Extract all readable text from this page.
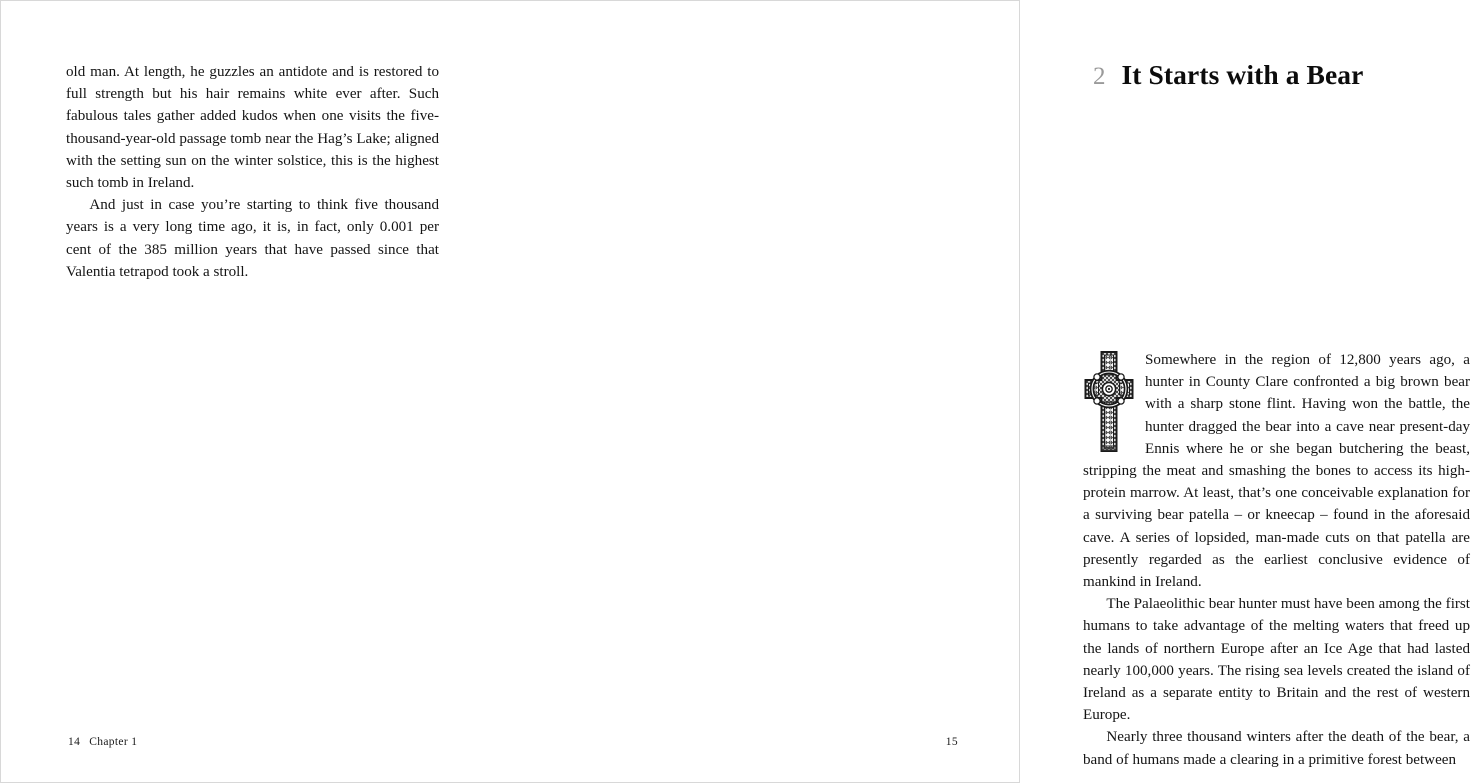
old man. At length, he guzzles an antidote and is restored to full strength but his hair remains white ever after. Such fabulous tales gather added kudos when one visits the five-thousand-year-old passage tomb near the Hag’s Lake; aligned with the setting sun on the winter solstice, this is the highest such tomb in Ireland.

And just in case you’re starting to think five thousand years is a very long time ago, it is, in fact, only 0.001 per cent of the 385 million years that have passed since that Valentia tetrapod took a stroll.

14 Chapter 1
2 It Starts with a Bear

Somewhere in the region of 12,800 years ago, a hunter in County Clare confronted a big brown bear with a sharp stone flint. Having won the battle, the hunter dragged the bear into a cave near present-day Ennis where he or she began butchering the beast, stripping the meat and smashing the bones to access its high-protein marrow. At least, that’s one conceivable explanation for a surviving bear patella – or kneecap – found in the aforesaid cave. A series of lopsided, man-made cuts on that patella are presently regarded as the earliest conclusive evidence of mankind in Ireland.

The Palaeolithic bear hunter must have been among the first humans to take advantage of the melting waters that freed up the lands of northern Europe after an Ice Age that had lasted nearly 100,000 years. The rising sea levels created the island of Ireland as a separate entity to Britain and the rest of western Europe.

Nearly three thousand winters after the death of the bear, a band of humans made a clearing in a primitive forest between

15
